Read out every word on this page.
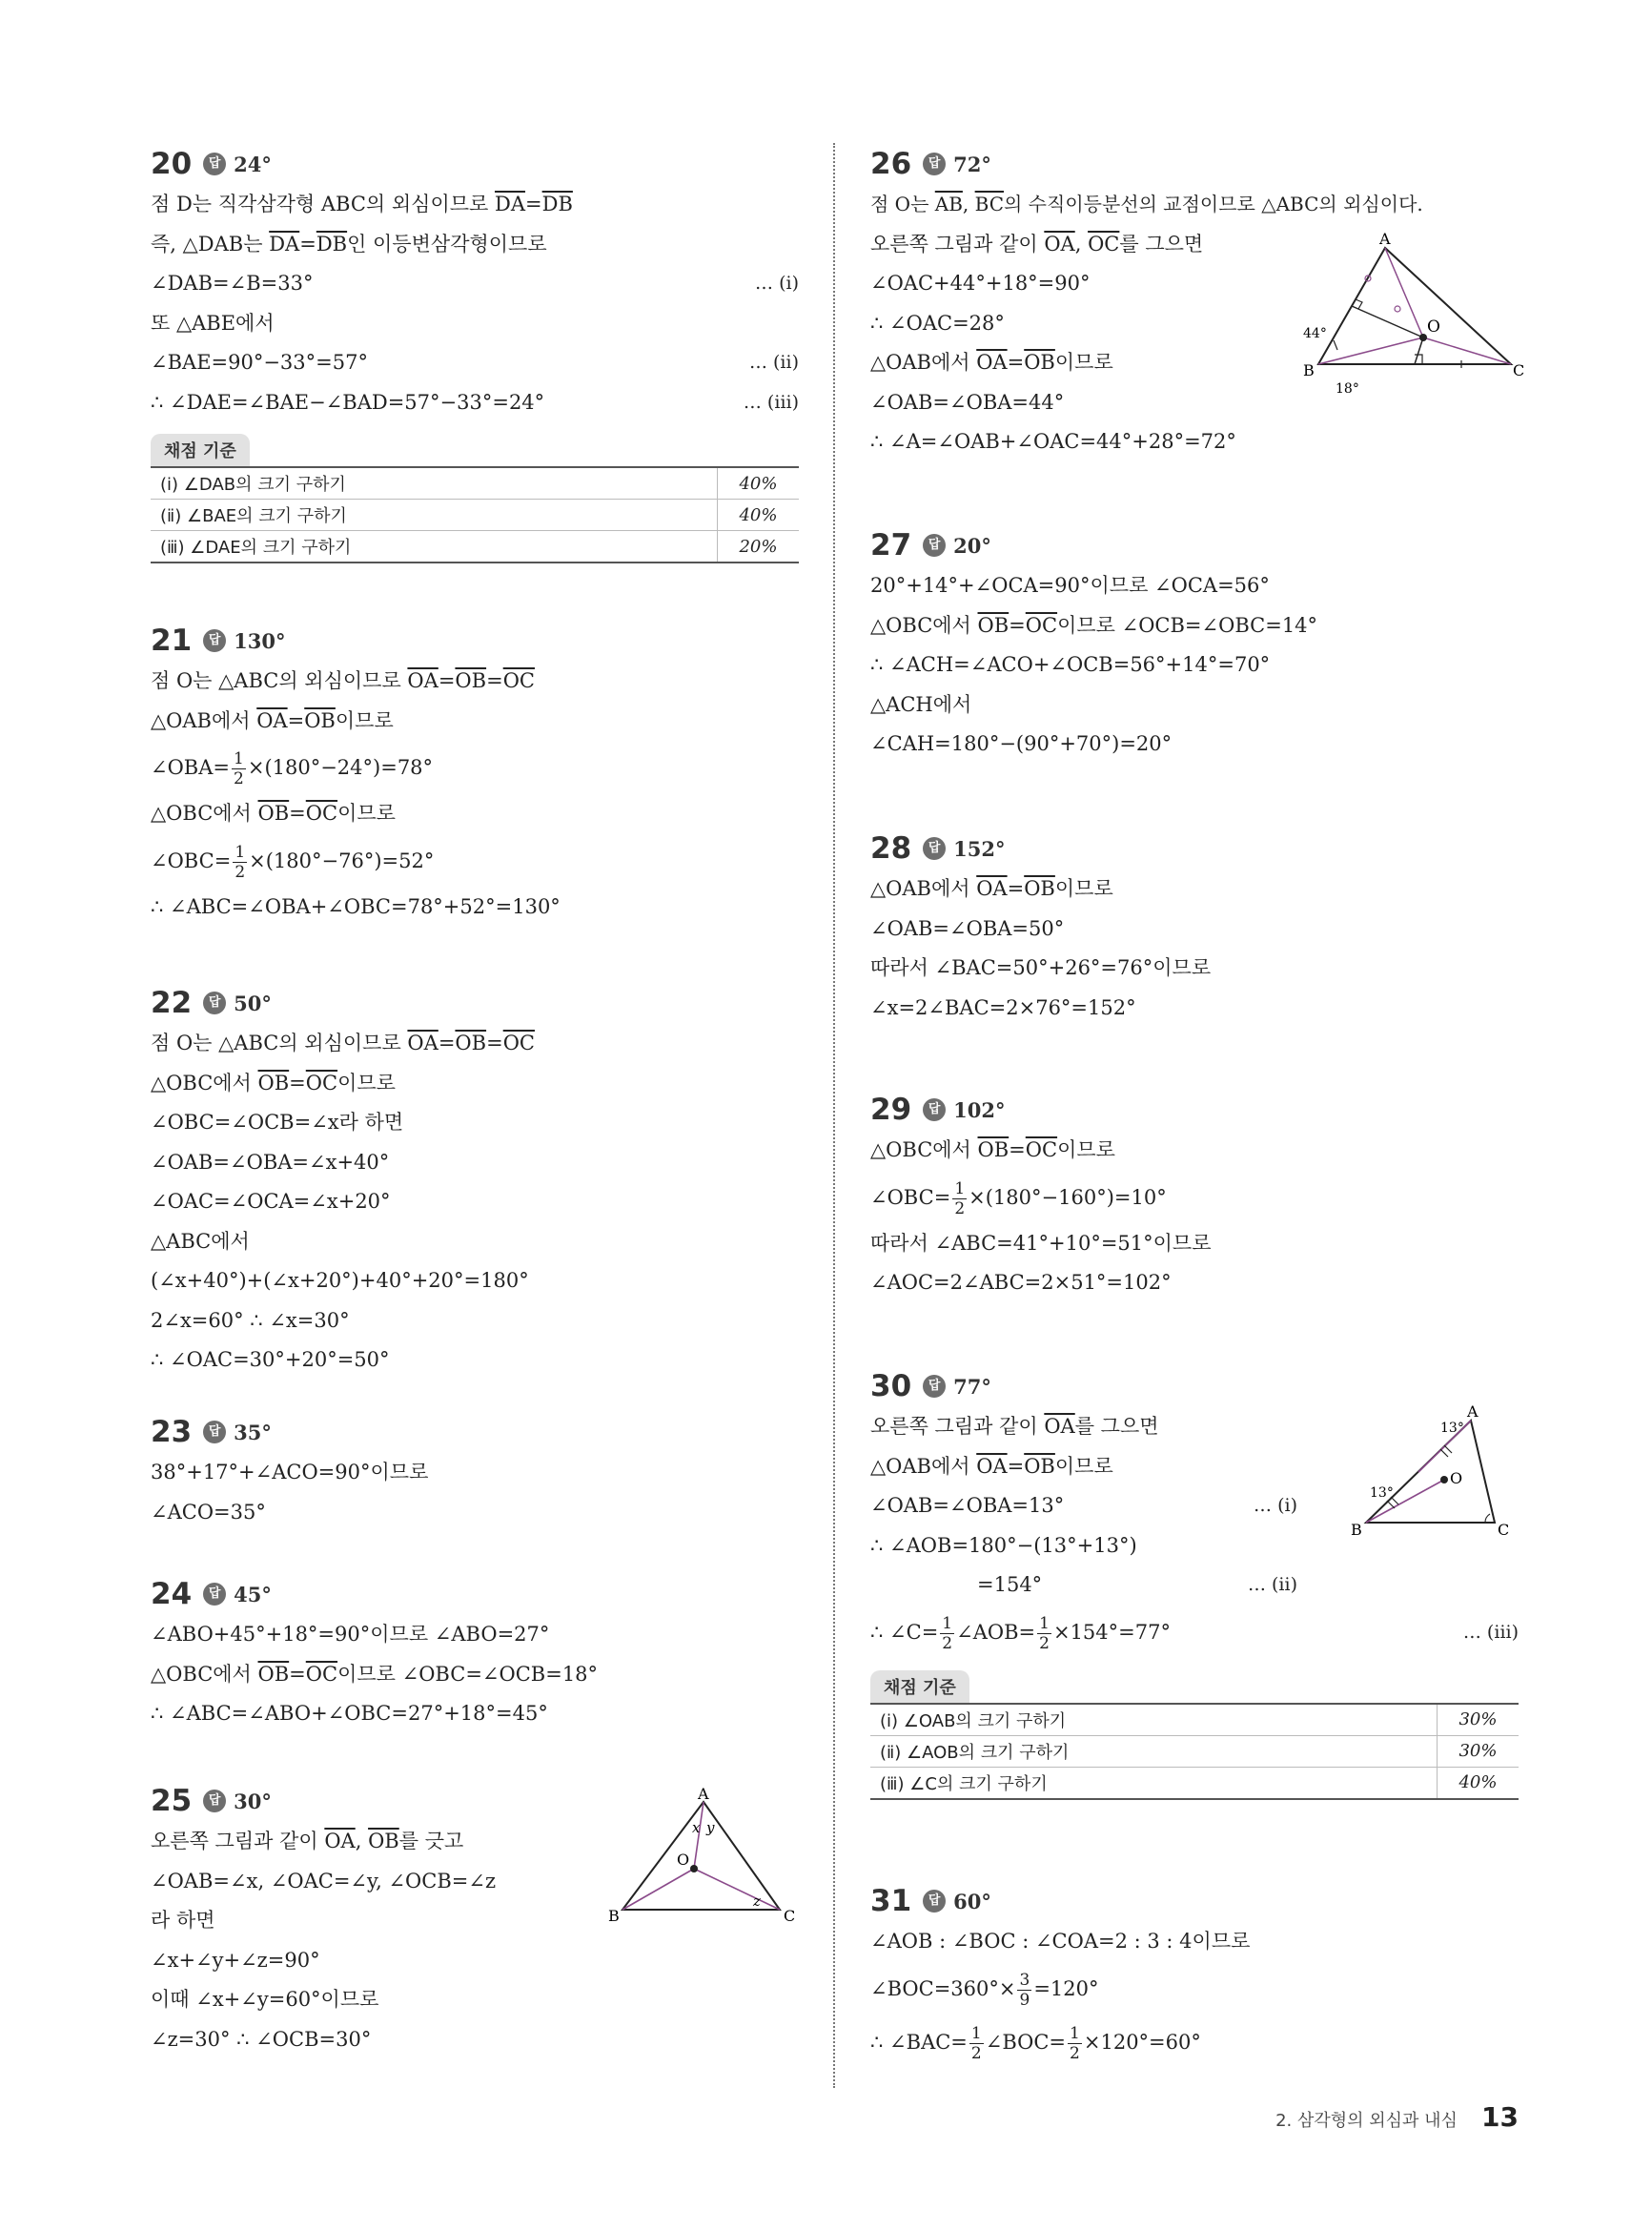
20	답 24°
점 D는 직각삼각형 ABC의 외심이므로 $\overline{DA}=\overline{DB}$
즉, △DAB는 $\overline{DA}=\overline{DB}$인 이등변삼각형이므로
∠DAB=∠B=33°	… (ⅰ)
또 △ABE에서
∠BAE=90°−33°=57°	… (ⅱ)
∴ ∠DAE=∠BAE−∠BAD=57°−33°=24°	… (ⅲ)
채점 기준
(ⅰ) ∠DAB의 크기 구하기	40%
(ⅱ) ∠BAE의 크기 구하기	40%
(ⅲ) ∠DAE의 크기 구하기	20%
21	답 130°
점 O는 △ABC의 외심이므로 $\overline{OA}=\overline{OB}=\overline{OC}$
△OAB에서 $\overline{OA}=\overline{OB}$이므로
∠OBA= $\frac{1}{2} \times(180^\circ-24^\circ)=78^\circ$
△OBC에서 $\overline{OB}=\overline{OC}$이므로
∠OBC= $\frac{1}{2} \times(180^\circ-76^\circ)=52^\circ$
∴ ∠ABC=∠OBA+∠OBC=78°+52°=130°
22	답 50°
점 O는 △ABC의 외심이므로 $\overline{OA}=\overline{OB}=\overline{OC}$
△OBC에서 $\overline{OB}=\overline{OC}$이므로
∠OBC=∠OCB=∠x라 하면
∠OAB=∠OBA=∠x+40°
∠OAC=∠OCA=∠x+20°
△ABC에서
(∠x+40°)+(∠x+20°)+40°+20°=180°
2∠x=60° ∴ ∠x=30°
∴ ∠OAC=30°+20°=50°
23	답 35°
38°+17°+∠ACO=90°이므로
∠ACO=35°
24	답 45°
∠ABO+45°+18°=90°이므로 ∠ABO=27°
△OBC에서 $\overline{OB}=\overline{OC}$이므로 ∠OBC=∠OCB=18°
∴ ∠ABC=∠ABO+∠OBC=27°+18°=45°
25	답 30°
오른쪽 그림과 같이 $\overline{OA}$, $\overline{OB}$를 긋고
∠OAB=∠x, ∠OAC=∠y, ∠OCB=∠z
라 하면
∠x+∠y+∠z=90°
이때 ∠x+∠y=60°이므로
∠z=30° ∴ ∠OCB=30°
A
B	C
O
x y
z
26	답 72°
점 O는 $\overline{AB}$, $\overline{BC}$의 수직이등분선의 교점이므로 △ABC의 외심이다.
오른쪽 그림과 같이 $\overline{OA}$, $\overline{OC}$를 그으면
∠OAC+44°+18°=90°
∴ ∠OAC=28°
△OAB에서 $\overline{OA}=\overline{OB}$이므로
∠OAB=∠OBA=44°
∴ ∠A=∠OAB+∠OAC=44°+28°=72°
A
B	C
O
44°
18°
27	답 20°
20°+14°+∠OCA=90°이므로 ∠OCA=56°
△OBC에서 $\overline{OB}=\overline{OC}$이므로 ∠OCB=∠OBC=14°
∴ ∠ACH=∠ACO+∠OCB=56°+14°=70°
△ACH에서
∠CAH=180°−(90°+70°)=20°
28	답 152°
△OAB에서 $\overline{OA}=\overline{OB}$이므로
∠OAB=∠OBA=50°
따라서 ∠BAC=50°+26°=76°이므로
∠x=2∠BAC=2×76°=152°
29	답 102°
△OBC에서 $\overline{OB}=\overline{OC}$이므로
∠OBC= $\frac{1}{2} \times(180^\circ-160^\circ)=10^\circ$
따라서 ∠ABC=41°+10°=51°이므로
∠AOC=2∠ABC=2×51°=102°
30	답 77°
오른쪽 그림과 같이 $\overline{OA}$를 그으면
△OAB에서 $\overline{OA}=\overline{OB}$이므로
∠OAB=∠OBA=13°	… (ⅰ)
∴ ∠AOB=180°−(13°+13°)
=154°	… (ⅱ)
∴ ∠C= $\frac{1}{2}$ ∠AOB= $\frac{1}{2} \times 154^\circ=77^\circ$	… (ⅲ)
채점 기준
(ⅰ) ∠OAB의 크기 구하기	30%
(ⅱ) ∠AOB의 크기 구하기	30%
(ⅲ) ∠C의 크기 구하기	40%
A
B	C
O
13°
13°
31	답 60°
∠AOB : ∠BOC : ∠COA=2 : 3 : 4이므로
∠BOC=360°× $\frac{3}{9} =120^\circ$
∴ ∠BAC= $\frac{1}{2}$ ∠BOC= $\frac{1}{2} \times 120^\circ=60^\circ$
2. 삼각형의 외심과 내심 13
